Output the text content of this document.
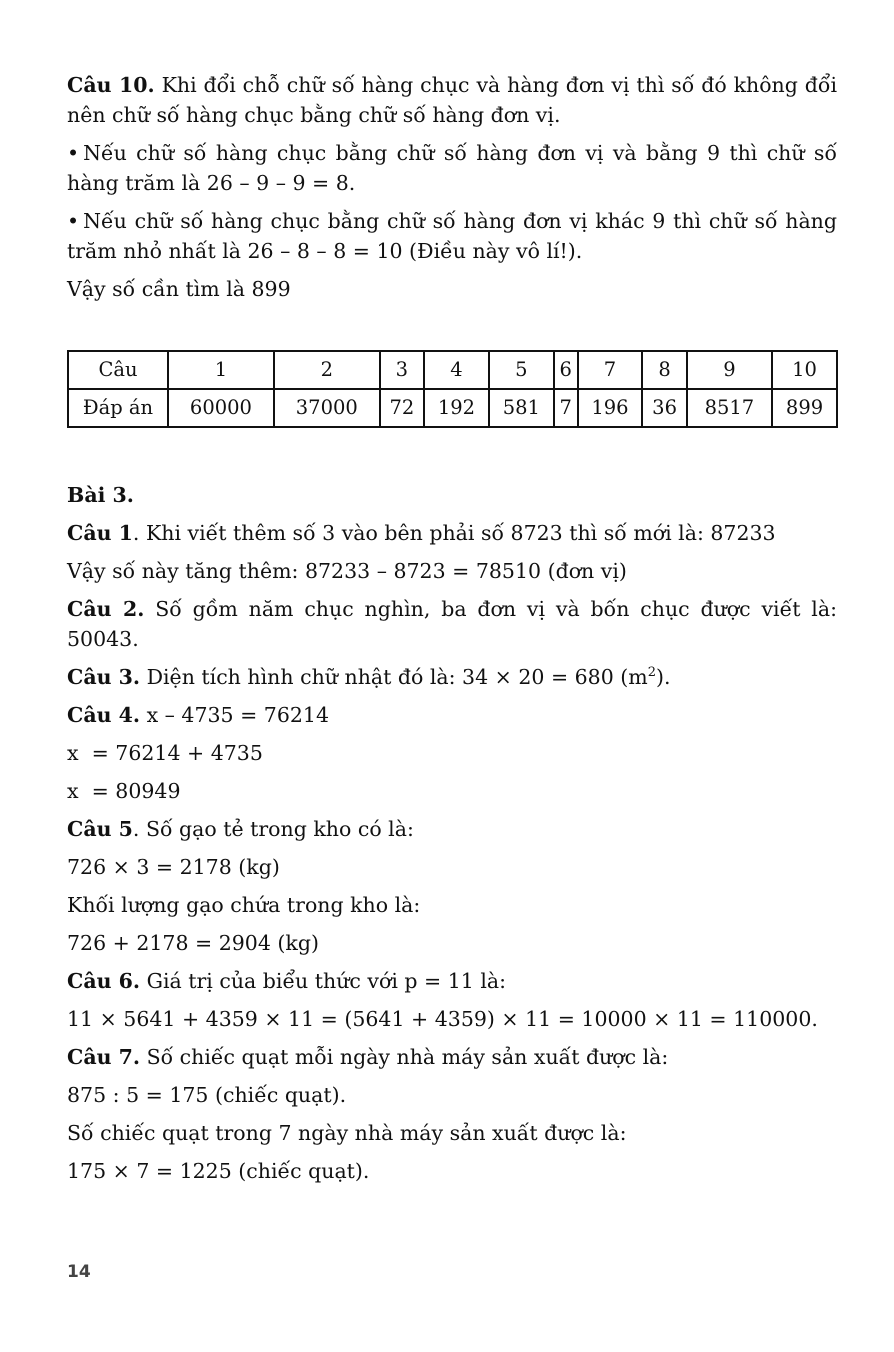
Câu 10. Khi đổi chỗ chữ số hàng chục và hàng đơn vị thì số đó không đổi nên chữ số hàng chục bằng chữ số hàng đơn vị.

• Nếu chữ số hàng chục bằng chữ số hàng đơn vị và bằng 9 thì chữ số hàng trăm là 26 – 9 – 9 = 8.

• Nếu chữ số hàng chục bằng chữ số hàng đơn vị khác 9 thì chữ số hàng trăm nhỏ nhất là 26 – 8 – 8 = 10 (Điều này vô lí!).

Vậy số cần tìm là 899

Câu	1	2	3	4	5	6	7	8	9	10
Đáp án	60000	37000	72	192	581	7	196	36	8517	899

Bài 3.

Câu 1. Khi viết thêm số 3 vào bên phải số 8723 thì số mới là: 87233

Vậy số này tăng thêm: 87233 – 8723 = 78510 (đơn vị)

Câu 2. Số gồm năm chục nghìn, ba đơn vị và bốn chục được viết là: 50043.

Câu 3. Diện tích hình chữ nhật đó là: 34 × 20 = 680 $(m^2)$.

Câu 4. x – 4735 = 76214

x  = 76214 + 4735

x  = 80949

Câu 5. Số gạo tẻ trong kho có là:

726 × 3 = 2178 (kg)

Khối lượng gạo chứa trong kho là:

726 + 2178 = 2904 (kg)

Câu 6. Giá trị của biểu thức với p = 11 là:

11 × 5641 + 4359 × 11 = (5641 + 4359) × 11 = 10000 × 11 = 110000.

Câu 7. Số chiếc quạt mỗi ngày nhà máy sản xuất được là:

875 : 5 = 175 (chiếc quạt).

Số chiếc quạt trong 7 ngày nhà máy sản xuất được là:

175 × 7 = 1225 (chiếc quạt).

14
